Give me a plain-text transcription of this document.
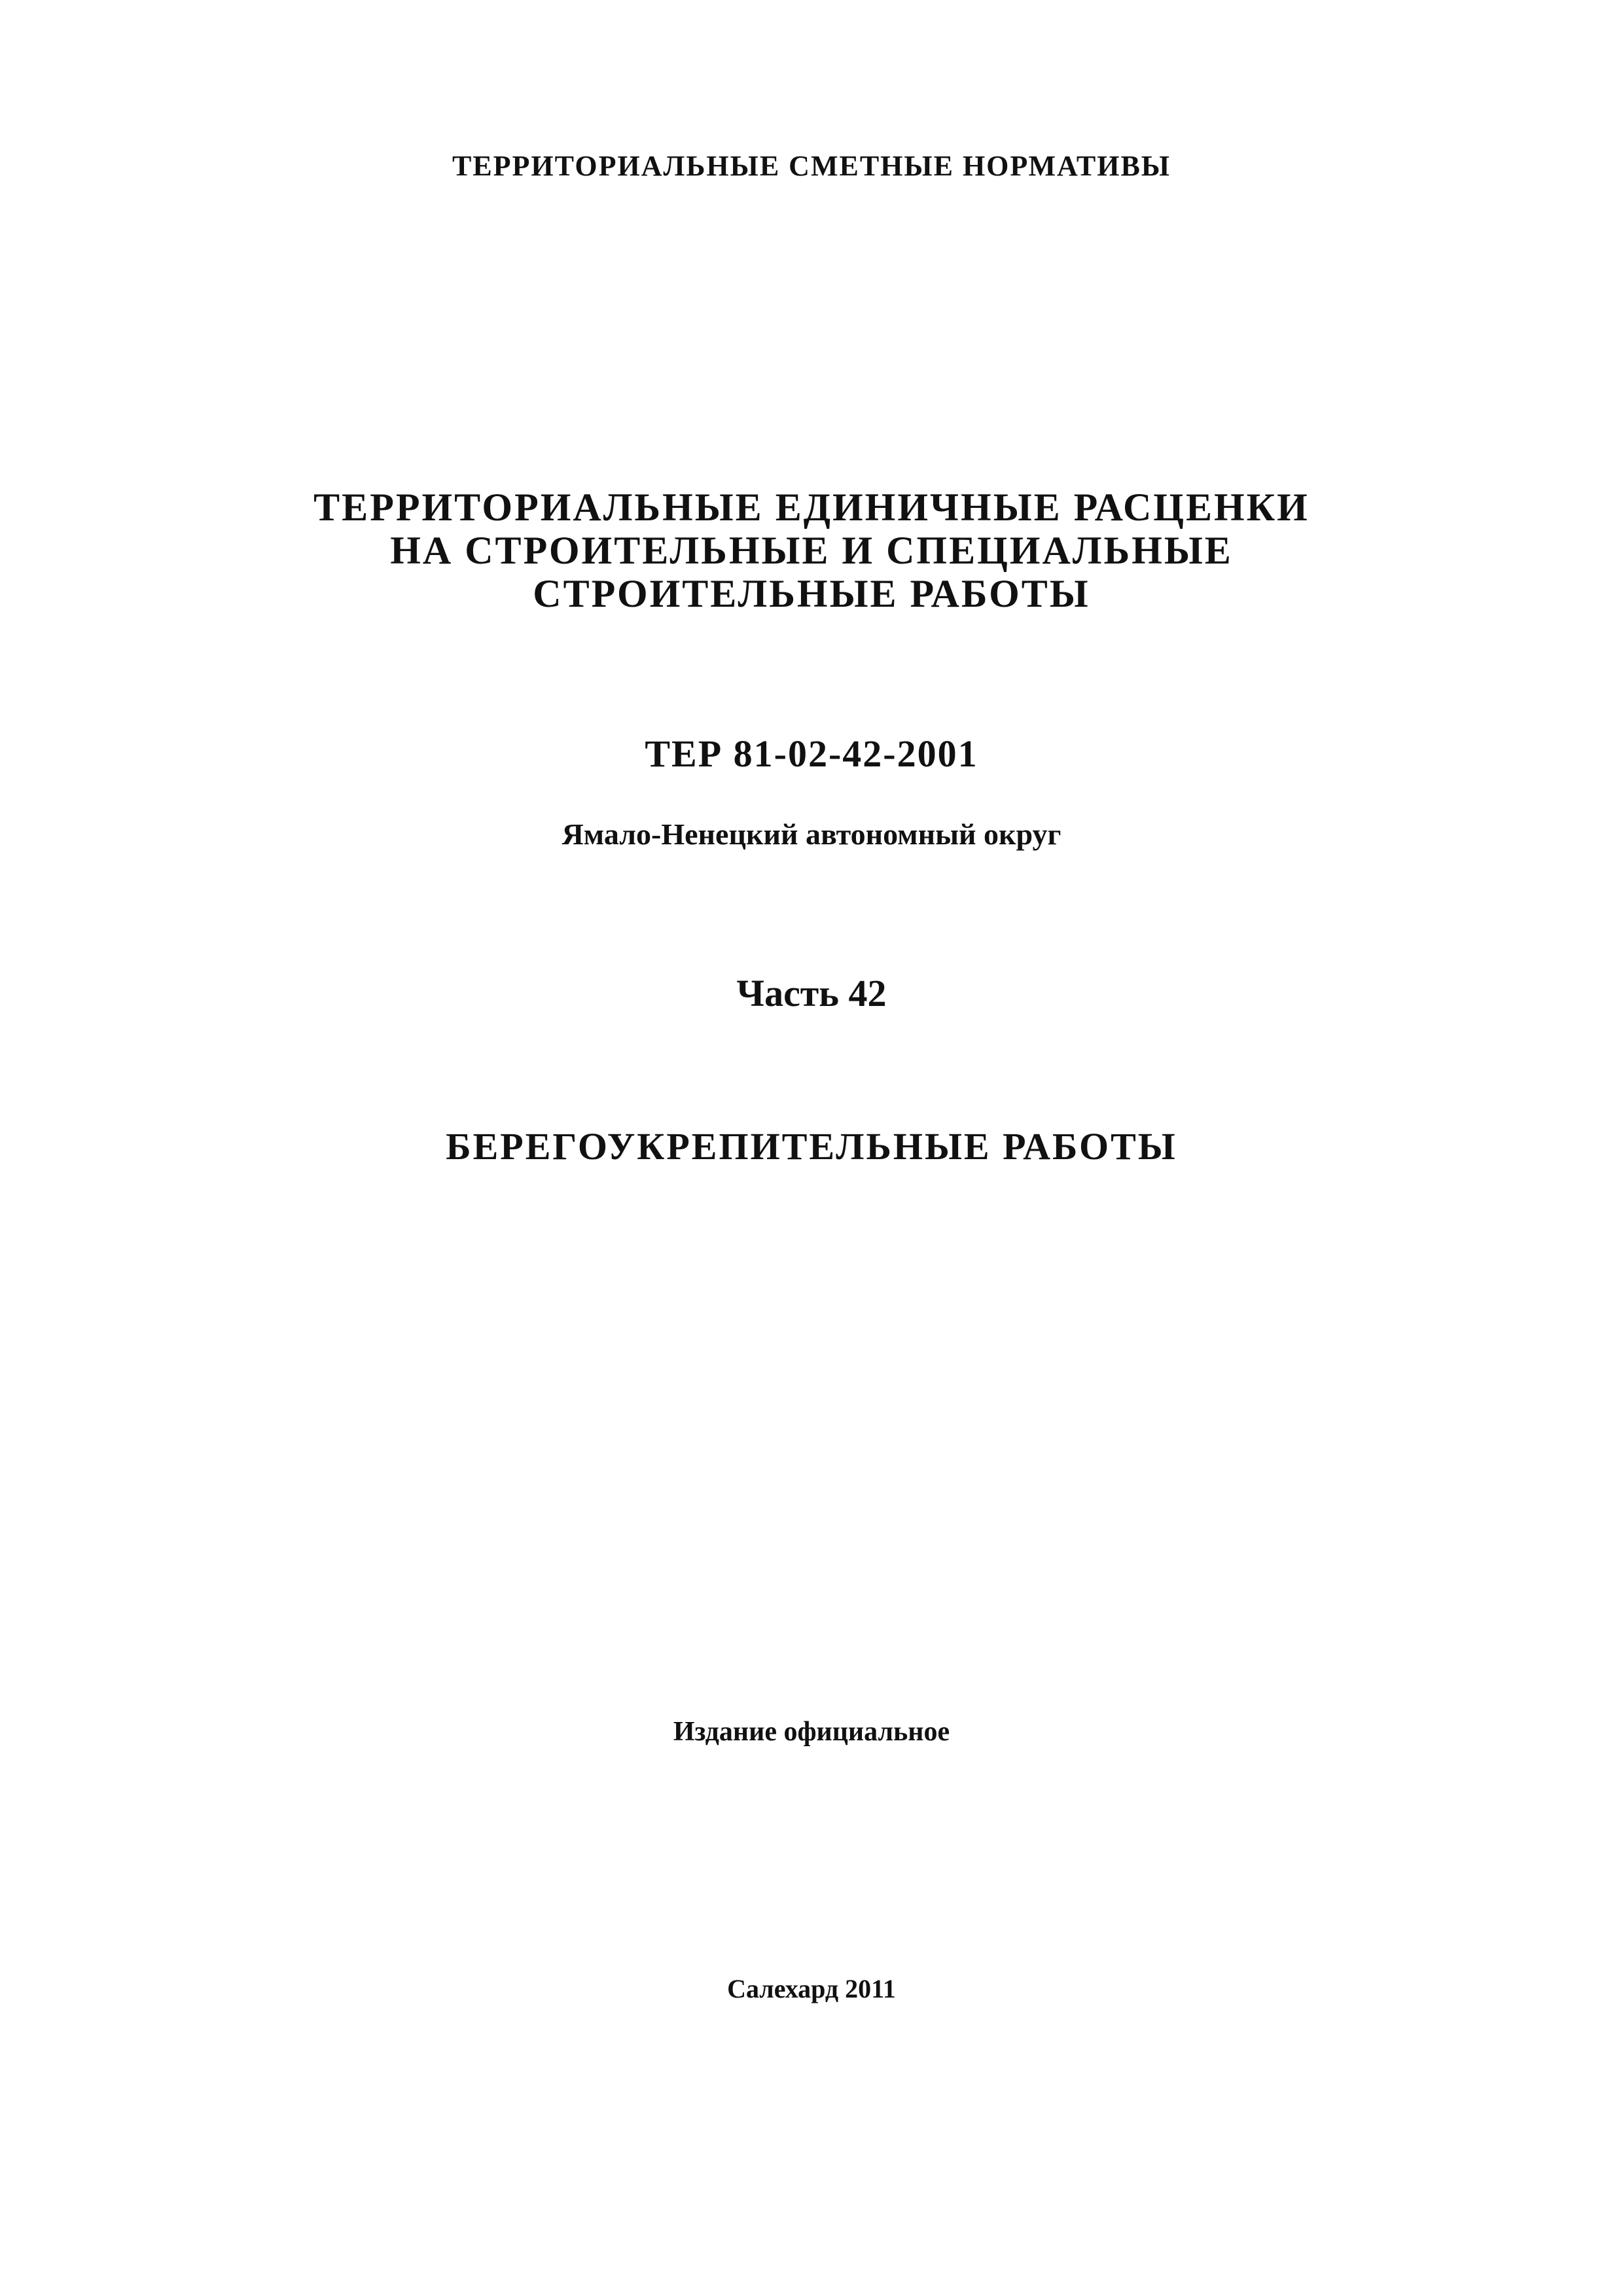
ТЕРРИТОРИАЛЬНЫЕ СМЕТНЫЕ НОРМАТИВЫ
ТЕРРИТОРИАЛЬНЫЕ ЕДИНИЧНЫЕ РАСЦЕНКИ
НА СТРОИТЕЛЬНЫЕ И СПЕЦИАЛЬНЫЕ
СТРОИТЕЛЬНЫЕ РАБОТЫ
ТЕР 81-02-42-2001
Ямало-Ненецкий автономный округ
Часть 42
БЕРЕГОУКРЕПИТЕЛЬНЫЕ РАБОТЫ
Издание официальное
Салехард 2011
